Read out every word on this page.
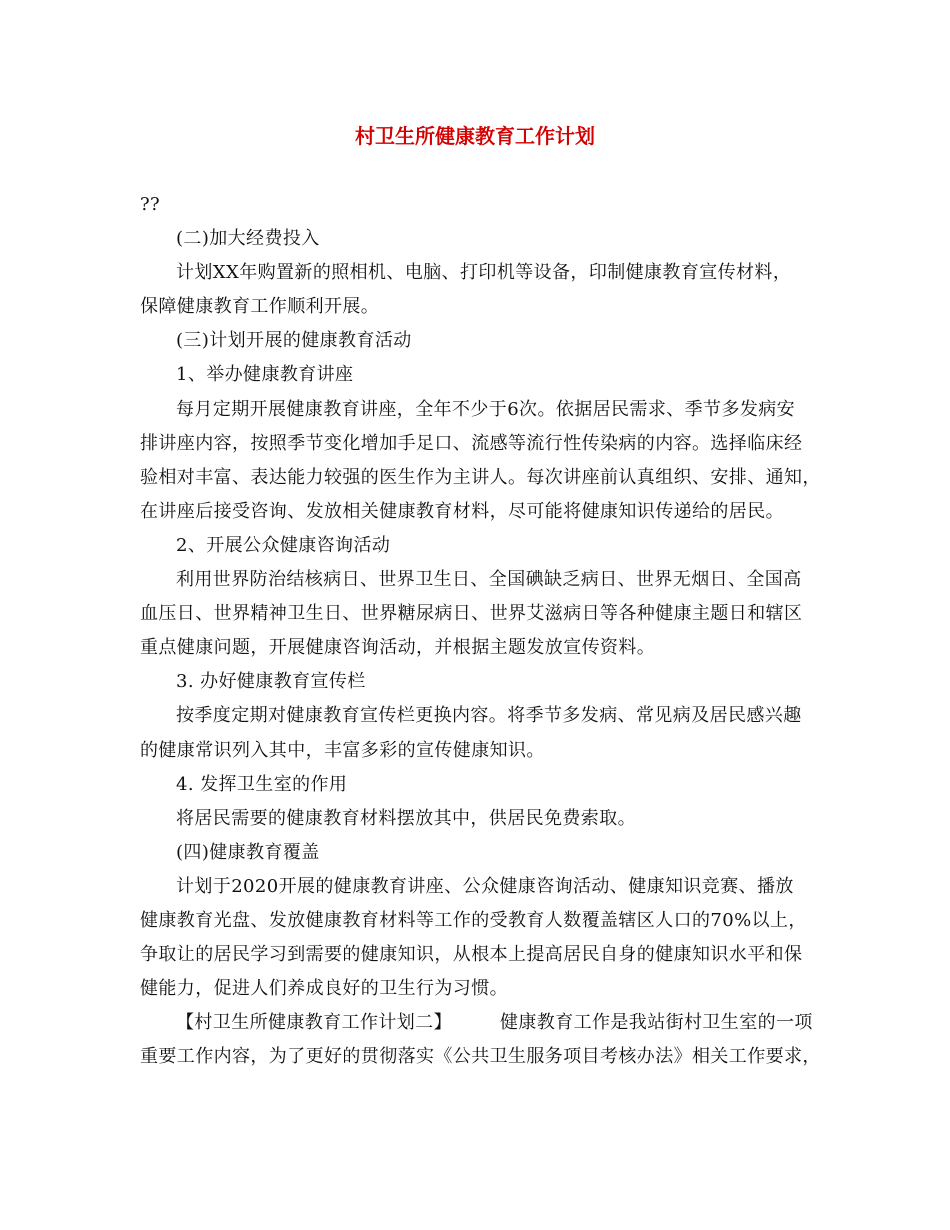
村卫生所健康教育工作计划

??

(二)加大经费投入

计划XX年购置新的照相机、电脑、打印机等设备，印制健康教育宣传材料，

保障健康教育工作顺利开展。

(三)计划开展的健康教育活动

1、举办健康教育讲座

每月定期开展健康教育讲座，全年不少于6次。依据居民需求、季节多发病安

排讲座内容，按照季节变化增加手足口、流感等流行性传染病的内容。选择临床经

验相对丰富、表达能力较强的医生作为主讲人。每次讲座前认真组织、安排、通知，

在讲座后接受咨询、发放相关健康教育材料，尽可能将健康知识传递给的居民。

2、开展公众健康咨询活动

利用世界防治结核病日、世界卫生日、全国碘缺乏病日、世界无烟日、全国高

血压日、世界精神卫生日、世界糖尿病日、世界艾滋病日等各种健康主题日和辖区

重点健康问题，开展健康咨询活动，并根据主题发放宣传资料。

3. 办好健康教育宣传栏

按季度定期对健康教育宣传栏更换内容。将季节多发病、常见病及居民感兴趣

的健康常识列入其中，丰富多彩的宣传健康知识。

4. 发挥卫生室的作用

将居民需要的健康教育材料摆放其中，供居民免费索取。

(四)健康教育覆盖

计划于2020开展的健康教育讲座、公众健康咨询活动、健康知识竞赛、播放

健康教育光盘、发放健康教育材料等工作的受教育人数覆盖辖区人口的70%以上，

争取让的居民学习到需要的健康知识，从根本上提高居民自身的健康知识水平和保

健能力，促进人们养成良好的卫生行为习惯。

【村卫生所健康教育工作计划二】	健康教育工作是我站街村卫生室的一项

重要工作内容，为了更好的贯彻落实《公共卫生服务项目考核办法》相关工作要求，
